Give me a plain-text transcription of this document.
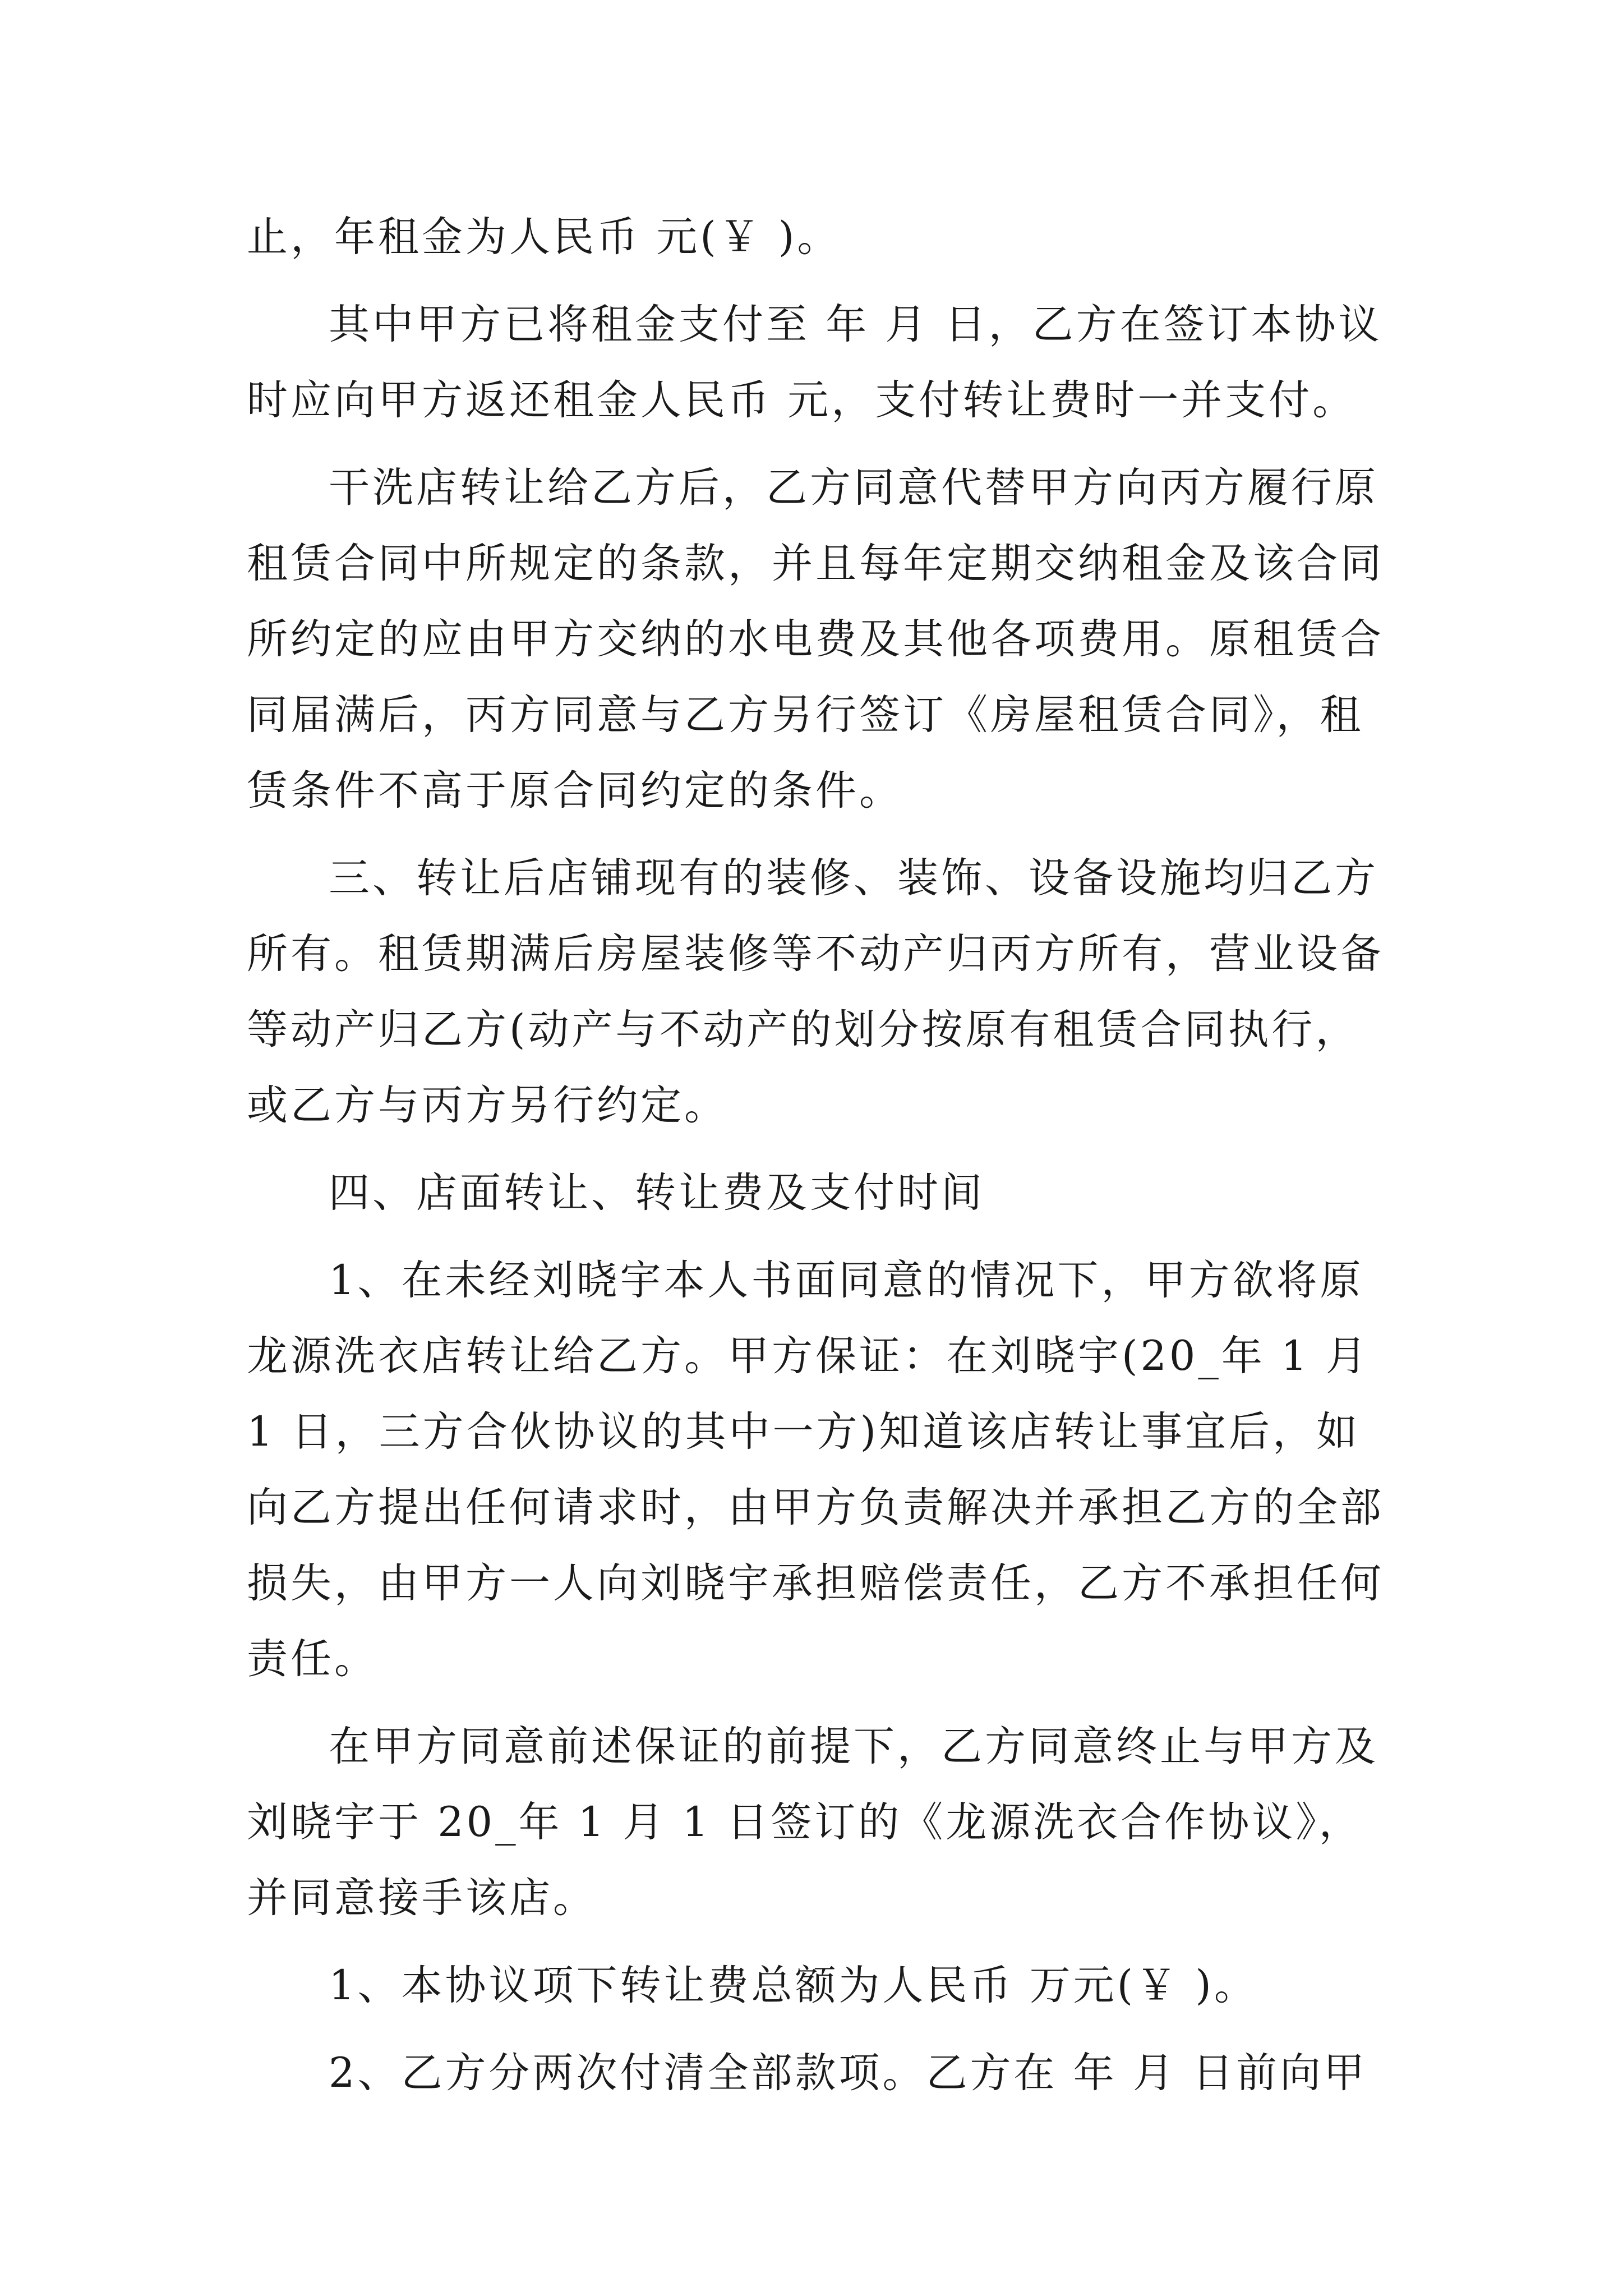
止，年租金为人民币 元(￥ )。

其中甲方已将租金支付至 年 月 日，乙方在签订本协议时应向甲方返还租金人民币 元，支付转让费时一并支付。

干洗店转让给乙方后，乙方同意代替甲方向丙方履行原租赁合同中所规定的条款，并且每年定期交纳租金及该合同所约定的应由甲方交纳的水电费及其他各项费用。原租赁合同届满后，丙方同意与乙方另行签订《房屋租赁合同》，租赁条件不高于原合同约定的条件。

三、转让后店铺现有的装修、装饰、设备设施均归乙方所有。租赁期满后房屋装修等不动产归丙方所有，营业设备等动产归乙方(动产与不动产的划分按原有租赁合同执行，或乙方与丙方另行约定。

四、店面转让、转让费及支付时间

1、在未经刘晓宇本人书面同意的情况下，甲方欲将原龙源洗衣店转让给乙方。甲方保证：在刘晓宇(20_年 1 月 1 日，三方合伙协议的其中一方)知道该店转让事宜后，如向乙方提出任何请求时，由甲方负责解决并承担乙方的全部损失，由甲方一人向刘晓宇承担赔偿责任，乙方不承担任何责任。

在甲方同意前述保证的前提下，乙方同意终止与甲方及刘晓宇于 20_年 1 月 1 日签订的《龙源洗衣合作协议》，并同意接手该店。

1、本协议项下转让费总额为人民币 万元(￥ )。

2、乙方分两次付清全部款项。乙方在 年 月 日前向甲
